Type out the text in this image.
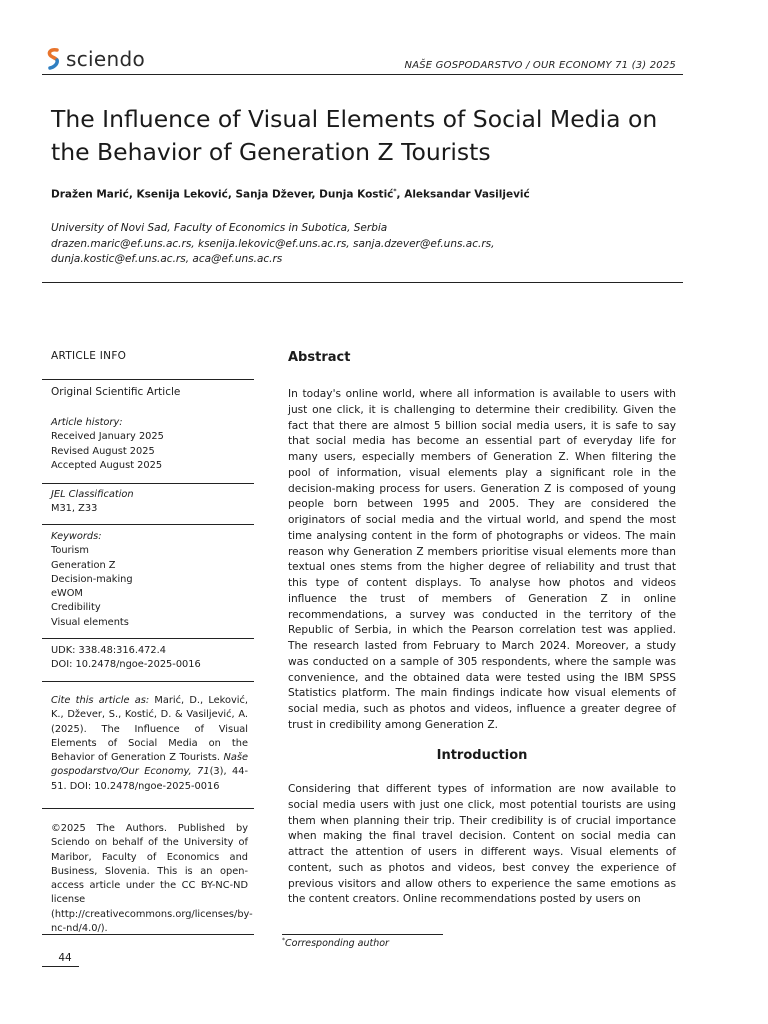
sciendo	NAŠE GOSPODARSTVO / OUR ECONOMY 71 (3) 2025
The Influence of Visual Elements of Social Media on the Behavior of Generation Z Tourists
Dražen Marić, Ksenija Leković, Sanja Džever, Dunja Kostić*, Aleksandar Vasiljević
University of Novi Sad, Faculty of Economics in Subotica, Serbia
drazen.maric@ef.uns.ac.rs, ksenija.lekovic@ef.uns.ac.rs, sanja.dzever@ef.uns.ac.rs,
dunja.kostic@ef.uns.ac.rs, aca@ef.uns.ac.rs
ARTICLE INFO
Original Scientific Article
Article history:
Received January 2025
Revised August 2025
Accepted August 2025
JEL Classification
M31, Z33
Keywords:
Tourism
Generation Z
Decision-making
eWOM
Credibility
Visual elements
UDK: 338.48:316.472.4
DOI: 10.2478/ngoe-2025-0016
Cite this article as: Marić, D., Leković, K., Džever, S., Kostić, D. & Vasiljević, A. (2025). The Influence of Visual Elements of Social Media on the Behavior of Generation Z Tourists. Naše gospodarstvo/Our Economy, 71(3), 44-51. DOI: 10.2478/ngoe-2025-0016
©2025 The Authors. Published by Sciendo on behalf of the University of Maribor, Faculty of Economics and Business, Slovenia. This is an open-access article under the CC BY-NC-ND license (http://creativecommons.org/licenses/by-nc-nd/4.0/).
Abstract
In today's online world, where all information is available to users with just one click, it is challenging to determine their credibility. Given the fact that there are almost 5 billion social media users, it is safe to say that social media has become an essential part of everyday life for many users, especially members of Generation Z. When filtering the pool of information, visual elements play a significant role in the decision-making process for users. Generation Z is composed of young people born between 1995 and 2005. They are considered the originators of social media and the virtual world, and spend the most time analysing content in the form of photographs or videos. The main reason why Generation Z members prioritise visual elements more than textual ones stems from the higher degree of reliability and trust that this type of content displays. To analyse how photos and videos influence the trust of members of Generation Z in online recommendations, a survey was conducted in the territory of the Republic of Serbia, in which the Pearson correlation test was applied. The research lasted from February to March 2024. Moreover, a study was conducted on a sample of 305 respondents, where the sample was convenience, and the obtained data were tested using the IBM SPSS Statistics platform. The main findings indicate how visual elements of social media, such as photos and videos, influence a greater degree of trust in credibility among Generation Z.
Introduction
Considering that different types of information are now available to social media users with just one click, most potential tourists are using them when planning their trip. Their credibility is of crucial importance when making the final travel decision. Content on social media can attract the attention of users in different ways. Visual elements of content, such as photos and videos, best convey the experience of previous visitors and allow others to experience the same emotions as the content creators. Online recommendations posted by users on
*Corresponding author
44
